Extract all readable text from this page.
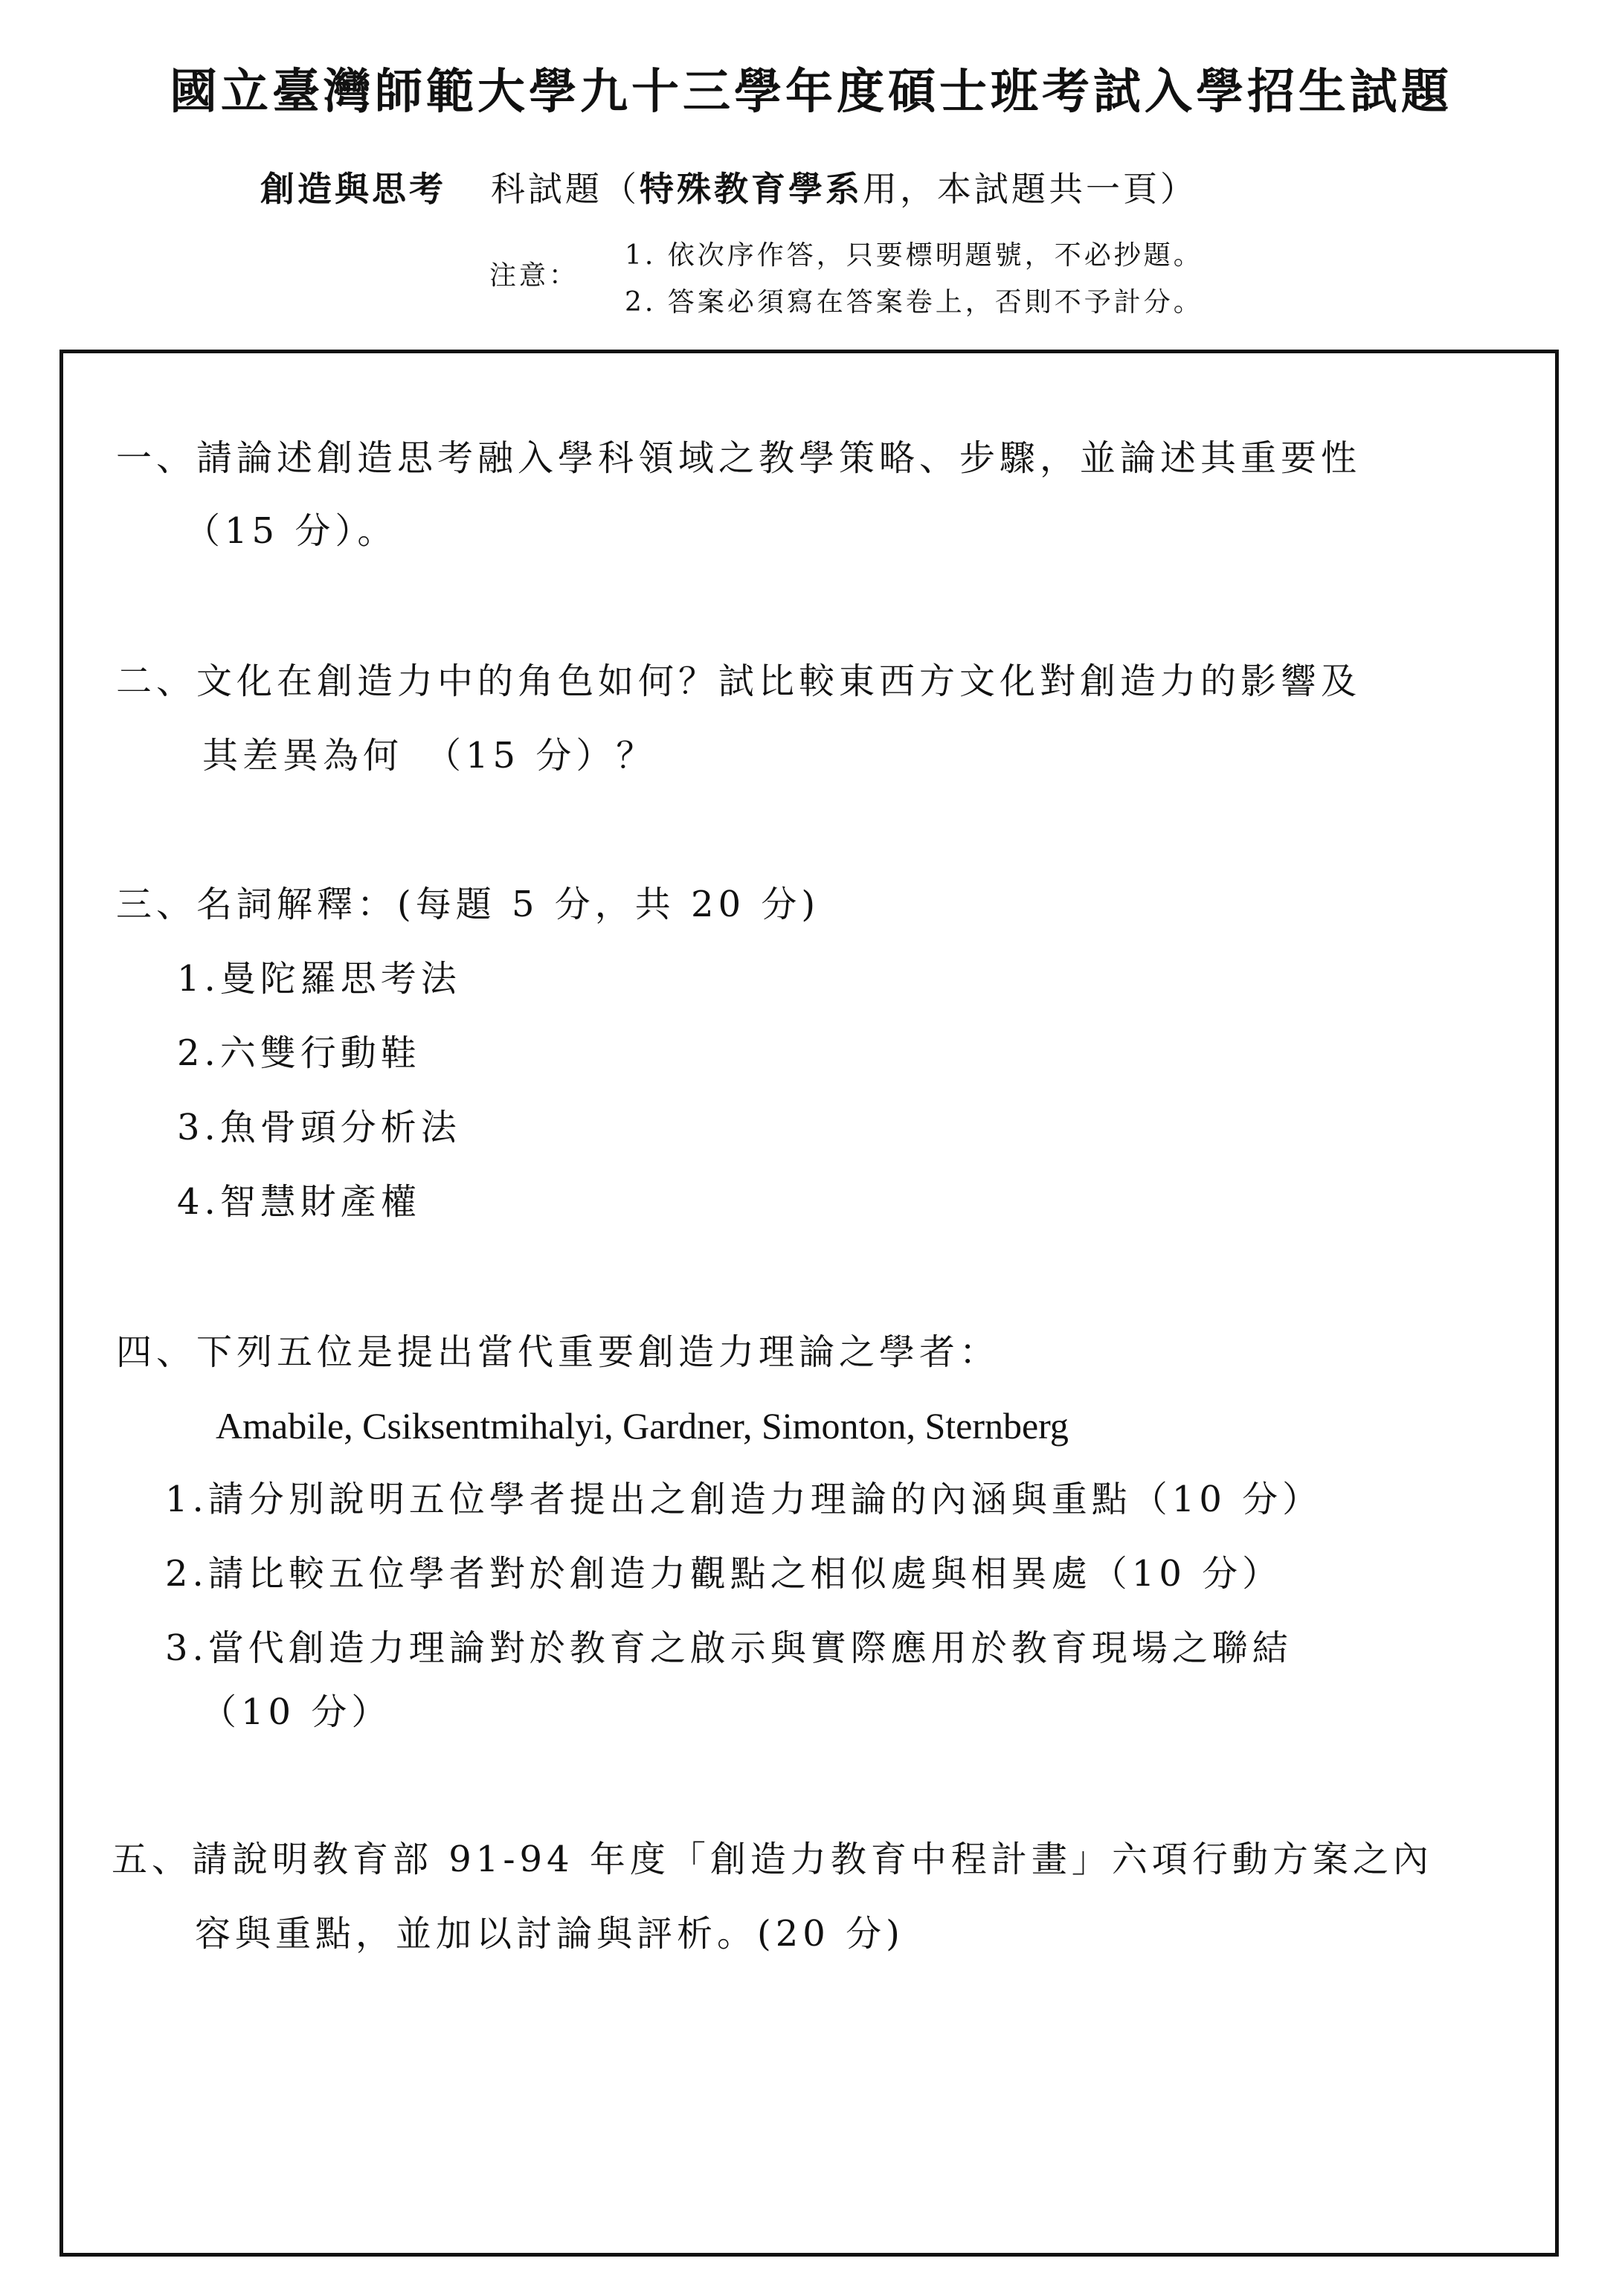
國立臺灣師範大學九十三學年度碩士班考試入學招生試題
創造與思考 科試題（特殊教育學系用，本試題共一頁）
注意：
1. 依次序作答，只要標明題號，不必抄題。
2. 答案必須寫在答案卷上，否則不予計分。
一、請論述創造思考融入學科領域之教學策略、步驟，並論述其重要性
（15 分）。
二、文化在創造力中的角色如何？試比較東西方文化對創造力的影響及
其差異為何　（15 分）？
三、名詞解釋：(每題 5 分，共 20 分)
1.曼陀羅思考法
2.六雙行動鞋
3.魚骨頭分析法
4.智慧財產權
四、下列五位是提出當代重要創造力理論之學者：
Amabile, Csiksentmihalyi, Gardner, Simonton, Sternberg
1.請分別說明五位學者提出之創造力理論的內涵與重點（10 分）
2.請比較五位學者對於創造力觀點之相似處與相異處（10 分）
3.當代創造力理論對於教育之啟示與實際應用於教育現場之聯結
（10 分）
五、請說明教育部 91-94 年度「創造力教育中程計畫」六項行動方案之內
容與重點，並加以討論與評析。(20 分)
